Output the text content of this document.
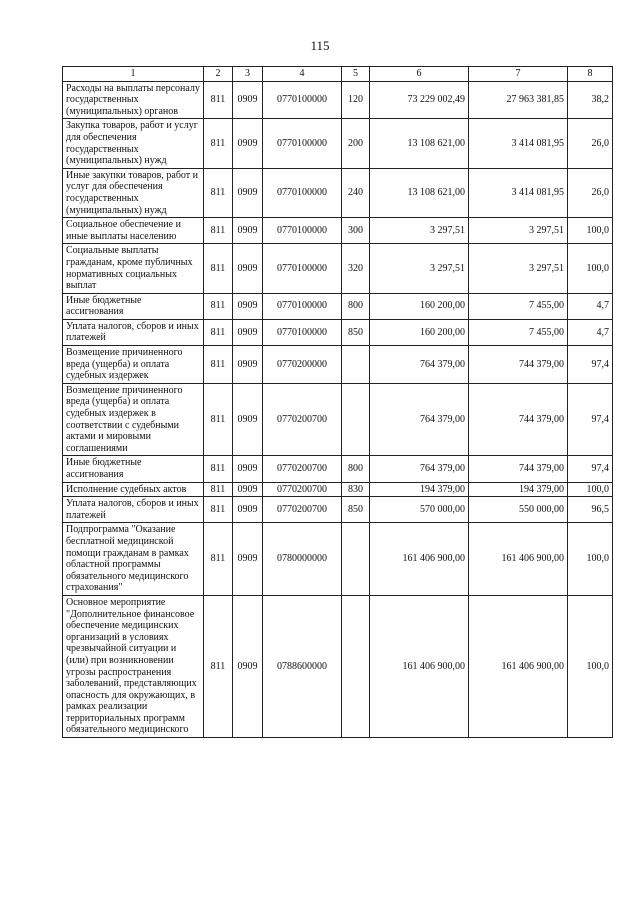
115
1	2	3	4	5	6	7	8
Расходы на выплаты персоналу государственных (муниципальных) органов	811	0909	0770100000	120	73 229 002,49	27 963 381,85	38,2
Закупка товаров, работ и услуг для обеспечения государственных (муниципальных) нужд	811	0909	0770100000	200	13 108 621,00	3 414 081,95	26,0
Иные закупки товаров, работ и услуг для обеспечения государственных (муниципальных) нужд	811	0909	0770100000	240	13 108 621,00	3 414 081,95	26,0
Социальное обеспечение и иные выплаты населению	811	0909	0770100000	300	3 297,51	3 297,51	100,0
Социальные выплаты гражданам, кроме публичных нормативных социальных выплат	811	0909	0770100000	320	3 297,51	3 297,51	100,0
Иные бюджетные ассигнования	811	0909	0770100000	800	160 200,00	7 455,00	4,7
Уплата налогов, сборов и иных платежей	811	0909	0770100000	850	160 200,00	7 455,00	4,7
Возмещение причиненного вреда (ущерба) и оплата судебных издержек	811	0909	0770200000		764 379,00	744 379,00	97,4
Возмещение причиненного вреда (ущерба) и оплата судебных издержек в соответствии с судебными актами и мировыми соглашениями	811	0909	0770200700		764 379,00	744 379,00	97,4
Иные бюджетные ассигнования	811	0909	0770200700	800	764 379,00	744 379,00	97,4
Исполнение судебных актов	811	0909	0770200700	830	194 379,00	194 379,00	100,0
Уплата налогов, сборов и иных платежей	811	0909	0770200700	850	570 000,00	550 000,00	96,5
Подпрограмма "Оказание бесплатной медицинской помощи гражданам в рамках областной программы обязательного медицинского страхования"	811	0909	0780000000		161 406 900,00	161 406 900,00	100,0
Основное мероприятие "Дополнительное финансовое обеспечение медицинских организаций в условиях чрезвычайной ситуации и (или) при возникновении угрозы распространения заболеваний, представляющих опасность для окружающих, в рамках реализации территориальных программ обязательного медицинского	811	0909	0788600000		161 406 900,00	161 406 900,00	100,0
